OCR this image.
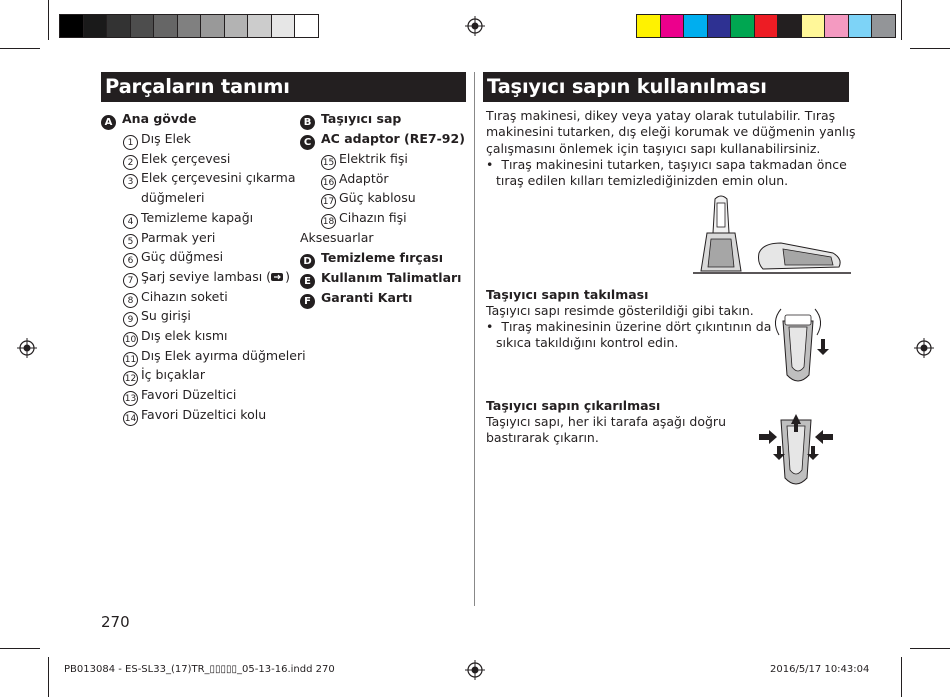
Parçaların tanımı
A Ana gövde
1 Dış Elek
2 Elek çerçevesi
3 Elek çerçevesini çıkarma
düğmeleri
4 Temizleme kapağı
5 Parmak yeri
6 Güç düğmesi
7 Şarj seviye lambası ( )
8 Cihazın soketi
9 Su girişi
10 Dış elek kısmı
11 Dış Elek ayırma düğmeleri
12 İç bıçaklar
13 Favori Düzeltici
14 Favori Düzeltici kolu
B Taşıyıcı sap
C AC adaptor (RE7-92)
15 Elektrik fişi
16 Adaptör
17 Güç kablosu
18 Cihazın fişi
Aksesuarlar
D Temizleme fırçası
E Kullanım Talimatları
F Garanti Kartı
Taşıyıcı sapın kullanılması
Tıraş makinesi, dikey veya yatay olarak tutulabilir. Tıraş
makinesini tutarken, dış eleği korumak ve düğmenin yanlış
çalışmasını önlemek için taşıyıcı sapı kullanabilirsiniz.
•  Tıraş makinesini tutarken, taşıyıcı sapa takmadan önce
tıraş edilen kılları temizlediğinizden emin olun.
Taşıyıcı sapın takılması
Taşıyıcı sapı resimde gösterildiği gibi takın.
•  Tıraş makinesinin üzerine dört çıkıntının da
sıkıca takıldığını kontrol edin.
Taşıyıcı sapın çıkarılması
Taşıyıcı sapı, her iki tarafa aşağı doğru
bastırarak çıkarın.
270
PB013084 - ES-SL33_(17)TR_▯▯▯▯▯_05-13-16.indd 270	2016/5/17 10:43:04
